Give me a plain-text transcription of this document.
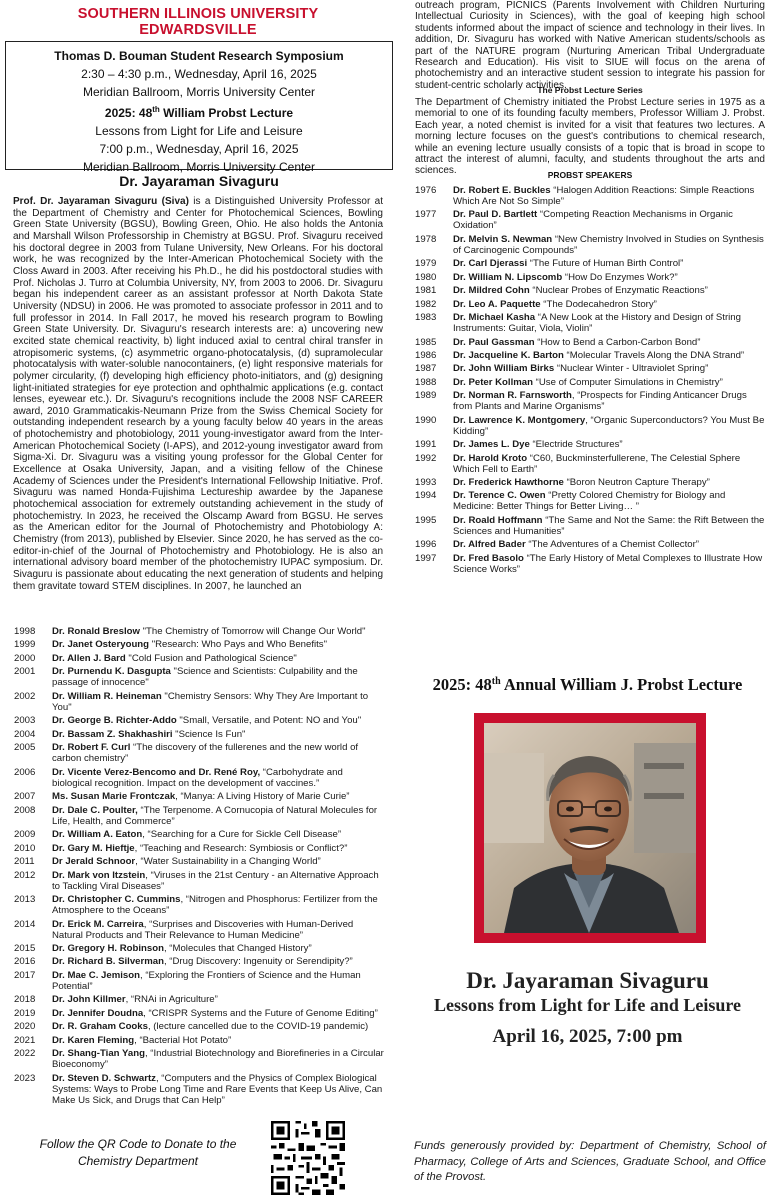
SOUTHERN ILLINOIS UNIVERSITY
EDWARDSVILLE
Thomas D. Bouman Student Research Symposium
2:30 – 4:30 p.m., Wednesday, April 16, 2025
Meridian Ballroom, Morris University Center
2025: 48th William Probst Lecture
Lessons from Light for Life and Leisure
7:00 p.m., Wednesday, April 16, 2025
Meridian Ballroom, Morris University Center
Dr. Jayaraman Sivaguru
Prof. Dr. Jayaraman Sivaguru (Siva) is a Distinguished University Professor at the Department of Chemistry and Center for Photochemical Sciences, Bowling Green State University (BGSU), Bowling Green, Ohio. He also holds the Antonia and Marshall Wilson Professorship in Chemistry at BGSU. Prof. Sivaguru received his doctoral degree in 2003 from Tulane University, New Orleans. For his doctoral work, he was recognized by the Inter-American Photochemical Society with the Closs Award in 2003. After receiving his Ph.D., he did his postdoctoral studies with Prof. Nicholas J. Turro at Columbia University, NY, from 2003 to 2006. Dr. Sivaguru began his independent career as an assistant professor at North Dakota State University (NDSU) in 2006. He was promoted to associate professor in 2011 and to full professor in 2014. In Fall 2017, he moved his research program to Bowling Green State University. Dr. Sivaguru's research interests are: a) uncovering new excited state chemical reactivity, b) light induced axial to central chiral transfer in atropisomeric systems, (c) asymmetric organo-photocatalysis, (d) supramolecular photocatalysis with water-soluble nanocontainers, (e) light responsive materials for polymer circularity, (f) developing high efficiency photo-initiators, and (g) designing light-initiated strategies for eye protection and ophthalmic applications (e.g. contact lenses, eyewear etc.). Dr. Sivaguru's recognitions include the 2008 NSF CAREER award, 2010 Grammaticakis-Neumann Prize from the Swiss Chemical Society for outstanding independent research by a young faculty below 40 years in the areas of photochemistry and photobiology, 2011 young-investigator award from the Inter-American Photochemical Society (I-APS), and 2012-young investigator award from Sigma-Xi. Dr. Sivaguru was a visiting young professor for the Global Center for Excellence at Osaka University, Japan, and a visiting fellow of the Chinese Academy of Sciences under the President's International Fellowship Initiative. Prof. Sivaguru was named Honda-Fujishima Lectureship awardee by the Japanese photochemical association for extremely outstanding achievement in the study of photochemistry. In 2023, he received the Olscamp Award from BGSU. He serves as the American editor for the Journal of Photochemistry and Photobiology A: Chemistry (from 2013), published by Elsevier. Since 2020, he has served as the co-editor-in-chief of the Journal of Photochemistry and Photobiology. He is also an international advisory board member of the photochemistry IUPAC symposium. Dr. Sivaguru is passionate about educating the next generation of students and helping them gravitate toward STEM disciplines. In 2007, he launched an
outreach program, PICNICS (Parents Involvement with Children Nurturing Intellectual Curiosity in Sciences), with the goal of keeping high school students informed about the impact of science and technology in their lives. In addition, Dr. Sivaguru has worked with Native American students/schools as part of the NATURE program (Nurturing American Tribal Undergraduate Research and Education). His visit to SIUE will focus on the arena of photochemistry and an interactive student session to integrate his passion for student-centric scholarly activities.
The Probst Lecture Series
The Department of Chemistry initiated the Probst Lecture series in 1975 as a memorial to one of its founding faculty members, Professor William J. Probst. Each year, a noted chemist is invited for a visit that features two lectures. A morning lecture focuses on the guest's contributions to chemical research, while an evening lecture usually consists of a topic that is broad in scope to attract the interest of alumni, faculty, and students throughout the arts and sciences.	PROBST SPEAKERS
1976	Dr. Robert E. Buckles “Halogen Addition Reactions: Simple Reactions Which Are Not So Simple”
1977	Dr. Paul D. Bartlett “Competing Reaction Mechanisms in Organic Oxidation”
1978	Dr. Melvin S. Newman “New Chemistry Involved in Studies on Synthesis of Carcinogenic Compounds”
1979	Dr. Carl Djerassi “The Future of Human Birth Control”
1980	Dr. William N. Lipscomb “How Do Enzymes Work?”
1981	Dr. Mildred Cohn “Nuclear Probes of Enzymatic Reactions”
1982	Dr. Leo A. Paquette “The Dodecahedron Story”
1983	Dr. Michael Kasha “A New Look at the History and Design of String Instruments: Guitar, Viola, Violin”
1985	Dr. Paul Gassman “How to Bend a Carbon-Carbon Bond”
1986	Dr. Jacqueline K. Barton “Molecular Travels Along the DNA Strand”
1987	Dr. John William Birks “Nuclear Winter - Ultraviolet Spring”
1988	Dr. Peter Kollman “Use of Computer Simulations in Chemistry”
1989	Dr. Norman R. Farnsworth, “Prospects for Finding Anticancer Drugs from Plants and Marine Organisms”
1990	Dr. Lawrence K. Montgomery, “Organic Superconductors? You Must Be Kidding”
1991	Dr. James L. Dye “Electride Structures”
1992	Dr. Harold Kroto “C60, Buckminsterfullerene, The Celestial Sphere Which Fell to Earth”
1993	Dr. Frederick Hawthorne “Boron Neutron Capture Therapy”
1994	Dr. Terence C. Owen “Pretty Colored Chemistry for Biology and Medicine: Better Things for Better Living… ”
1995	Dr. Roald Hoffmann “The Same and Not the Same: the Rift Between the Sciences and Humanities”
1996	Dr. Alfred Bader “The Adventures of a Chemist Collector”
1997	Dr. Fred Basolo “The Early History of Metal Complexes to Illustrate How Science Works”
1998	Dr. Ronald Breslow "The Chemistry of Tomorrow will Change Our World"
1999	Dr. Janet Osteryoung "Research: Who Pays and Who Benefits"
2000	Dr. Allen J. Bard "Cold Fusion and Pathological Science"
2001	Dr. Purnendu K. Dasgupta "Science and Scientists: Culpability and the passage of innocence"
2002	Dr. William R. Heineman "Chemistry Sensors: Why They Are Important to You"
2003	Dr. George B. Richter-Addo "Small, Versatile, and Potent: NO and You"
2004	Dr. Bassam Z. Shakhashiri "Science Is Fun"
2005	Dr. Robert F. Curl “The discovery of the fullerenes and the new world of carbon chemistry”
2006	Dr. Vicente Verez-Bencomo and Dr. René Roy, “Carbohydrate and biological recognition. Impact on the development of vaccines.”
2007	Ms. Susan Marie Frontczak, “Manya: A Living History of Marie Curie”
2008	Dr. Dale C. Poulter, “The Terpenome. A Cornucopia of Natural Molecules for Life, Health, and Commerce”
2009	Dr. William A. Eaton, “Searching for a Cure for Sickle Cell Disease”
2010	Dr. Gary M. Hieftje, “Teaching and Research: Symbiosis or Conflict?”
2011	Dr Jerald Schnoor, “Water Sustainability in a Changing World”
2012	Dr. Mark von Itzstein, “Viruses in the 21st Century - an Alternative Approach to Tackling Viral Diseases”
2013	Dr. Christopher C. Cummins, “Nitrogen and Phosphorus: Fertilizer from the Atmosphere to the Oceans”
2014	Dr. Erick M. Carreira, “Surprises and Discoveries with Human-Derived Natural Products and Their Relevance to Human Medicine”
2015	Dr. Gregory H. Robinson, “Molecules that Changed History”
2016	Dr. Richard B. Silverman, “Drug Discovery: Ingenuity or Serendipity?”
2017	Dr. Mae C. Jemison, “Exploring the Frontiers of Science and the Human Potential”
2018	Dr. John Killmer, “RNAi in Agriculture”
2019	Dr. Jennifer Doudna, “CRISPR Systems and the Future of Genome Editing”
2020	Dr. R. Graham Cooks, (lecture cancelled due to the COVID-19 pandemic)
2021	Dr. Karen Fleming, “Bacterial Hot Potato”
2022	Dr. Shang-Tian Yang, “Industrial Biotechnology and Biorefineries in a Circular Bioeconomy”
2023	Dr. Steven D. Schwartz, “Computers and the Physics of Complex Biological Systems: Ways to Probe Long Time and Rare Events that Keep Us Alive, Can Make Us Sick, and Drugs that Can Help”
Follow the QR Code to Donate to the Chemistry Department
2025: 48th Annual William J. Probst Lecture
Dr. Jayaraman Sivaguru
Lessons from Light for Life and Leisure
April 16, 2025, 7:00 pm
Funds generously provided by: Department of Chemistry, School of Pharmacy, College of Arts and Sciences, Graduate School, and Office of the Provost.
